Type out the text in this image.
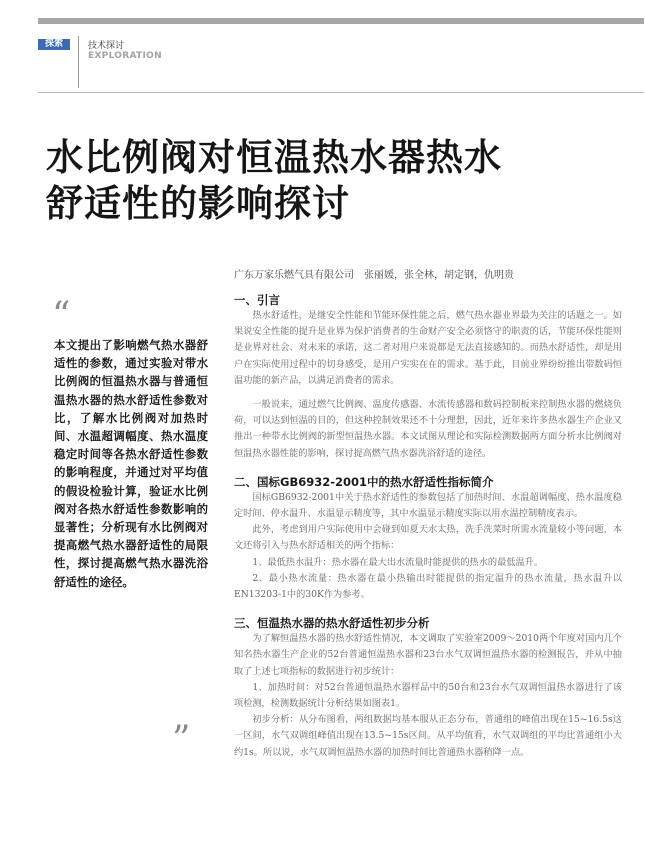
探索	技术探讨
EXPLORATION
水比例阀对恒温热水器热水
舒适性的影响探讨
广东万家乐燃气具有限公司　张丽媛，张全林，胡定钢，仇明贵
“

本文提出了影响燃气热水器舒适性的参数，通过实验对带水比例阀的恒温热水器与普通恒温热水器的热水舒适性参数对比，了解水比例阀对加热时间、水温超调幅度、热水温度稳定时间等各热水舒适性参数的影响程度，并通过对平均值的假设检验计算，验证水比例阀对各热水舒适性参数影响的显著性；分析现有水比例阀对提高燃气热水器舒适性的局限性，探讨提高燃气热水器洗浴舒适性的途径。

”
一、引言

热水舒适性，是继安全性能和节能环保性能之后，燃气热水器业界最为关注的话题之一。如果说安全性能的提升是业界为保护消费者的生命财产安全必须恪守的职责的话，节能环保性能则是业界对社会、对未来的承诺，这二者对用户来说都是无法直接感知的。而热水舒适性，却是用户在实际使用过程中的切身感受，是用户实实在在的需求。基于此，目前业界纷纷推出带数码恒温功能的新产品，以满足消费者的需求。

一般说来，通过燃气比例阀、温度传感器、水流传感器和数码控制板来控制热水器的燃烧负荷，可以达到恒温的目的，但这种控制效果还不十分理想，因此，近年来许多热水器生产企业又推出一种带水比例阀的新型恒温热水器。本文试图从理论和实际检测数据两方面分析水比例阀对恒温热水器性能的影响，探讨提高燃气热水器洗浴舒适的途径。

二、国标GB6932-2001中的热水舒适性指标简介

国标GB6932-2001中关于热水舒适性的参数包括了加热时间、水温超调幅度、热水温度稳定时间、停水温升、水温显示精度等，其中水温显示精度实际以用水温控制精度表示。

此外，考虑到用户实际使用中会碰到如夏天水太热，洗手洗菜时所需水流量较小等问题，本文还将引入与热水舒适相关的两个指标：

1、最低热水温升：热水器在最大出水流量时能提供的热水的最低温升。

2、最小热水流量：热水器在最小热输出时能提供的指定温升的热水流量，热水温升以EN13203-1中的30K作为参考。

三、恒温热水器的热水舒适性初步分析

为了解恒温热水器的热水舒适性情况，本文调取了实验室2009～2010两个年度对国内几个知名热水器生产企业的52台普通恒温热水器和23台水气双调恒温热水器的检测报告，并从中抽取了上述七项指标的数据进行初步统计：

1、加热时间：对52台普通恒温热水器样品中的50台和23台水气双调恒温热水器进行了该项检测，检测数据统计分析结果如图表1。

初步分析：从分布图看，两组数据均基本服从正态分布，普通组的峰值出现在15~16.5s这一区间，水气双调组峰值出现在13.5~15s区间。从平均值看，水气双调组的平均比普通组小大约1s。所以说，水气双调恒温热水器的加热时间比普通热水器稍降一点。
